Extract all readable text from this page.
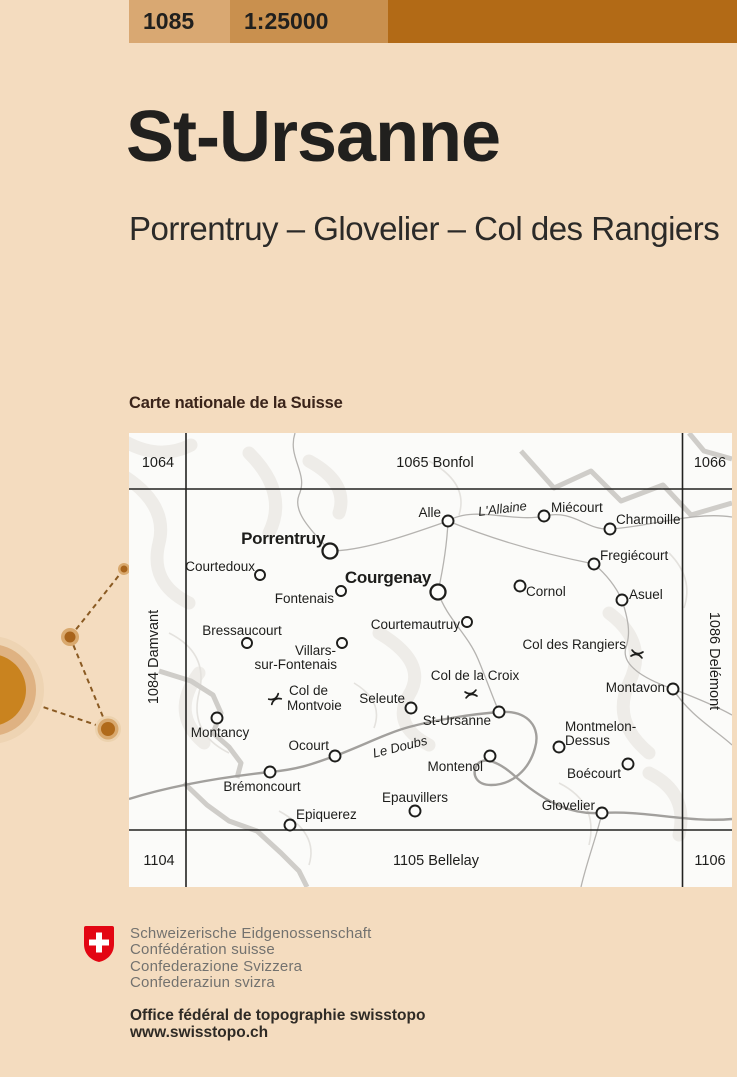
1085	1:25000
St-Ursanne
Porrentruy – Glovelier – Col des Rangiers
Carte nationale de la Suisse
1064	1065 Bonfol	1066
1084 Damvant	1086 Delémont
1104	1105 Bellelay	1106
Porrentruy
Courgenay
Courtedoux
Fontenais
Bressaucourt
Villars-
sur-Fontenais
Courtemautruy
Alle	Miécourt
Charmoille
Fregiécourt
Cornol	Asuel
Montavon
St-Ursanne
Seleute
Montancy
Ocourt
Brémoncourt
Montenol
Montmelon-
Dessus
Boécourt
Epauvillers
Epiquerez
Glovelier
Col des Rangiers
Col de la Croix
Col de
Montvoie
L'Allaine
Le Doubs
Schweizerische Eidgenossenschaft
Confédération suisse
Confederazione Svizzera
Confederaziun svizra
Office fédéral de topographie swisstopo
www.swisstopo.ch
